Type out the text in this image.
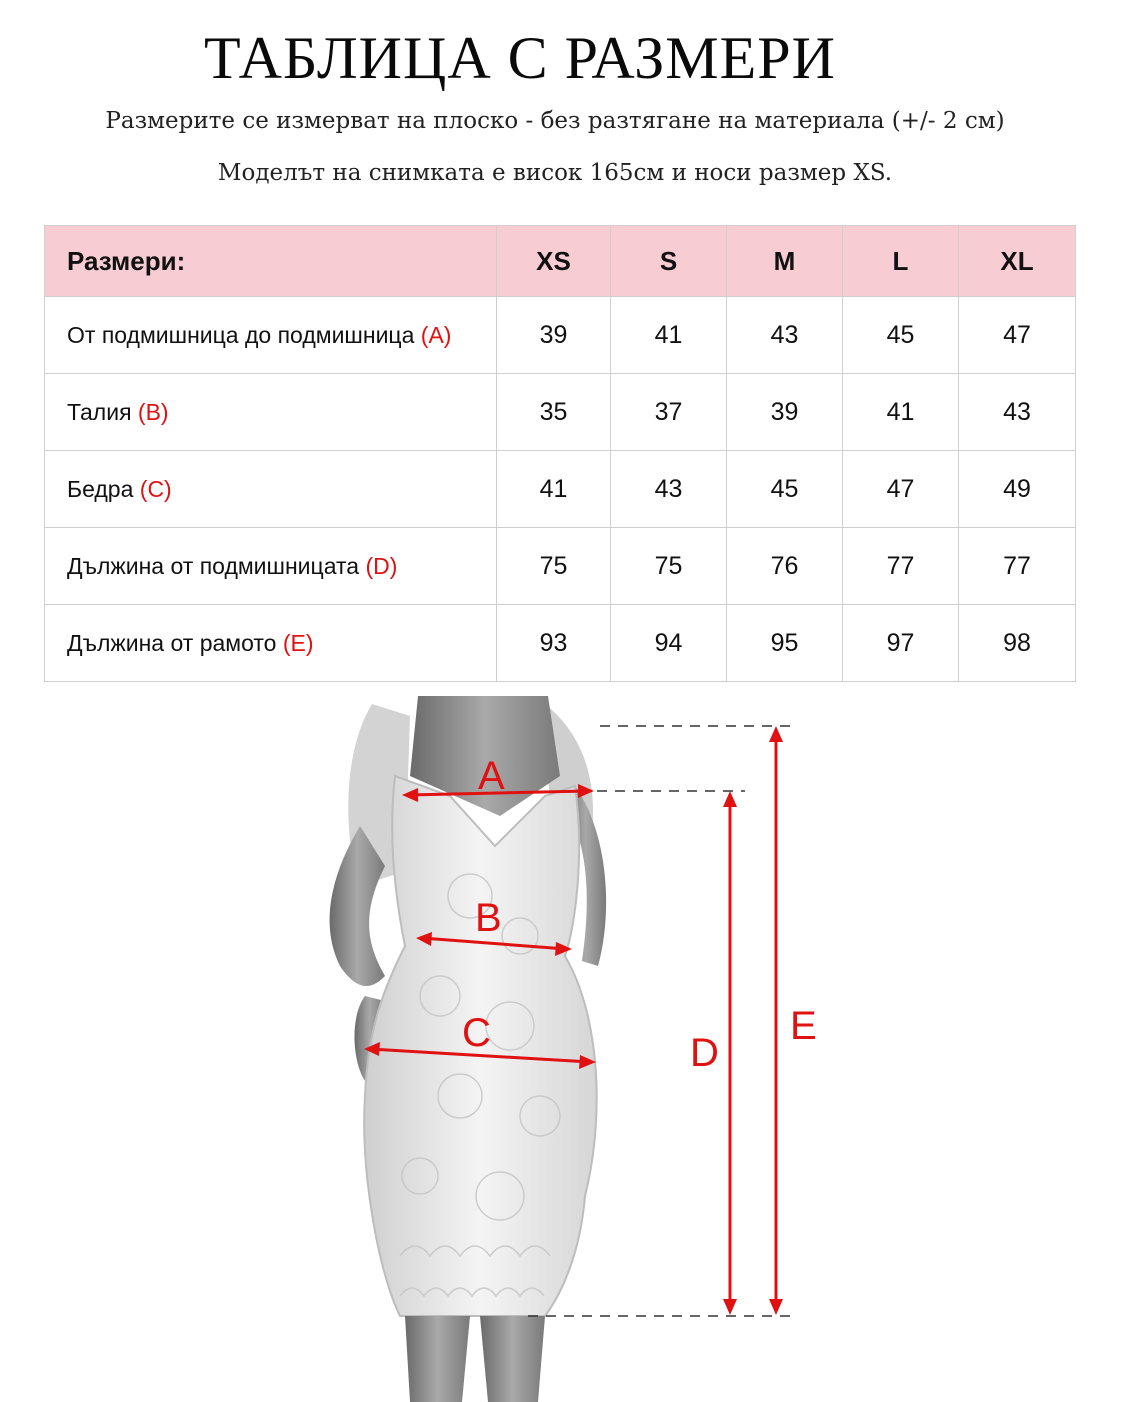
ТАБЛИЦА С РАЗМЕРИ
Размерите се измерват на плоско - без разтягане на материала (+/- 2 см)
Моделът на снимката е висок 165см и носи размер XS.
Размери:	XS	S	M	L	XL
От подмишница до подмишница (A)	39	41	43	45	47
Талия (B)	35	37	39	41	43
Бедра (C)	41	43	45	47	49
Дължина от подмишницата (D)	75	75	76	77	77
Дължина от рамото (E)	93	94	95	97	98
A
B
C	D
E
